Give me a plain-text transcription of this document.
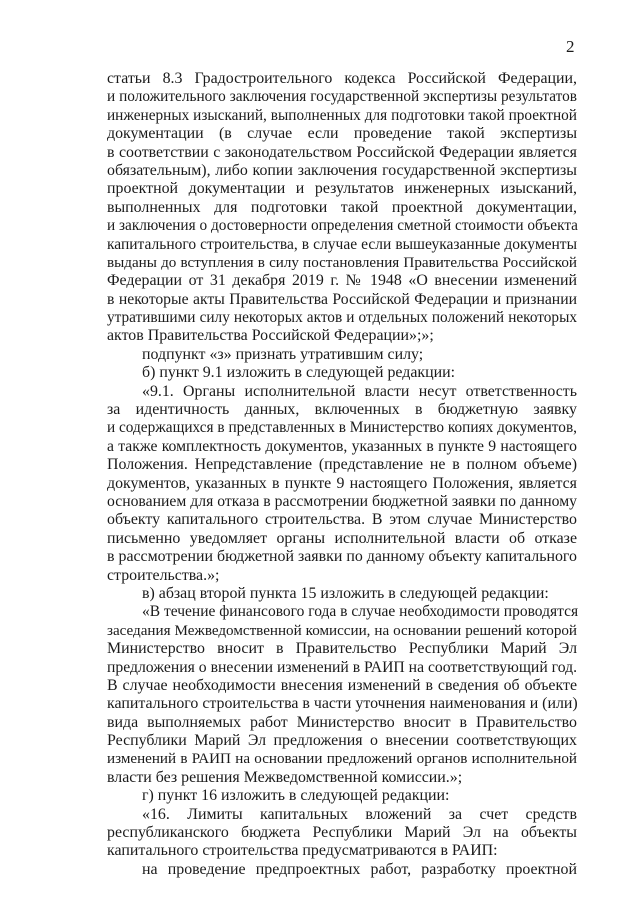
2
статьи 8.3 Градостроительного кодекса Российской Федерации,
и положительного заключения государственной экспертизы результатов
инженерных изысканий, выполненных для подготовки такой проектной
документации (в случае если проведение такой экспертизы
в соответствии с законодательством Российской Федерации является
обязательным), либо копии заключения государственной экспертизы
проектной документации и результатов инженерных изысканий,
выполненных для подготовки такой проектной документации,
и заключения о достоверности определения сметной стоимости объекта
капитального строительства, в случае если вышеуказанные документы
выданы до вступления в силу постановления Правительства Российской
Федерации от 31 декабря 2019 г. № 1948 «О внесении изменений
в некоторые акты Правительства Российской Федерации и признании
утратившими силу некоторых актов и отдельных положений некоторых
актов Правительства Российской Федерации»;»;
подпункт «з» признать утратившим силу;
б) пункт 9.1 изложить в следующей редакции:
«9.1. Органы исполнительной власти несут ответственность
за идентичность данных, включенных в бюджетную заявку
и содержащихся в представленных в Министерство копиях документов,
а также комплектность документов, указанных в пункте 9 настоящего
Положения. Непредставление (представление не в полном объеме)
документов, указанных в пункте 9 настоящего Положения, является
основанием для отказа в рассмотрении бюджетной заявки по данному
объекту капитального строительства. В этом случае Министерство
письменно уведомляет органы исполнительной власти об отказе
в рассмотрении бюджетной заявки по данному объекту капитального
строительства.»;
в) абзац второй пункта 15 изложить в следующей редакции:
«В течение финансового года в случае необходимости проводятся
заседания Межведомственной комиссии, на основании решений которой
Министерство вносит в Правительство Республики Марий Эл
предложения о внесении изменений в РАИП на соответствующий год.
В случае необходимости внесения изменений в сведения об объекте
капитального строительства в части уточнения наименования и (или)
вида выполняемых работ Министерство вносит в Правительство
Республики Марий Эл предложения о внесении соответствующих
изменений в РАИП на основании предложений органов исполнительной
власти без решения Межведомственной комиссии.»;
г) пункт 16 изложить в следующей редакции:
«16. Лимиты капитальных вложений за счет средств
республиканского бюджета Республики Марий Эл на объекты
капитального строительства предусматриваются в РАИП:
на проведение предпроектных работ, разработку проектной
